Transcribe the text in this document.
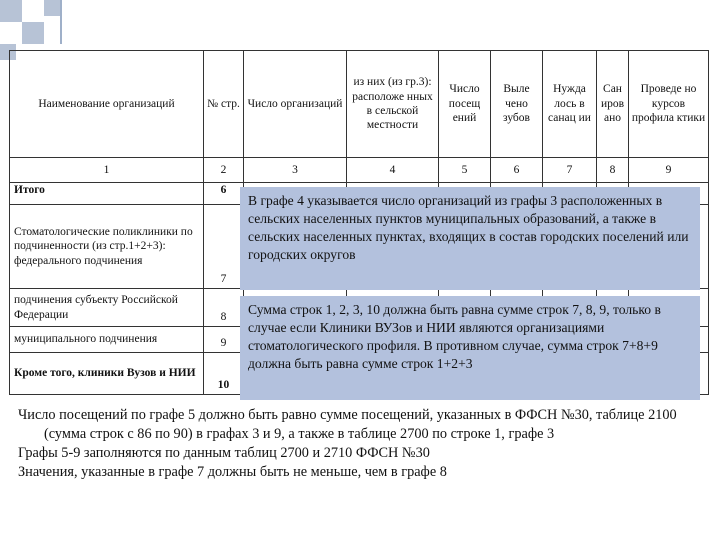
Наименование организаций	№ стр.	Число организаций	из них (из гр.3): расположе нных в сельской местности	Число посещ ений	Выле чено зубов	Нужда лось в санац ии	Сан иров ано	Проведе но курсов профила ктики
1	2	3	4	5	6	7	8	9
Итого	6							
Стоматологические поликлиники по подчиненности (из стр.1+2+3): федерального подчинения	7							
подчинения субъекту Российской Федерации	8							
муниципального подчинения	9							
Кроме того, клиники Вузов и НИИ	10							
В графе 4 указывается число организаций из графы 3 расположенных в сельских населенных пунктов муниципальных образований, а также в сельских населенных пунктах, входящих в состав городских поселений или городских округов
Сумма строк 1, 2, 3, 10 должна быть равна сумме строк 7, 8, 9, только в случае если Клиники ВУЗов и НИИ являются организациями стоматологического профиля. В противном случае, сумма строк 7+8+9 должна быть равна сумме строк 1+2+3

Число посещений по графе 5 должно быть равно сумме посещений, указанных в ФФСН №30, таблице 2100 (сумма строк с 86 по 90) в графах 3 и 9, а также в таблице 2700 по строке 1, графе 3

Графы 5-9 заполняются по данным таблиц 2700 и 2710 ФФСН №30

Значения, указанные в графе 7 должны быть не меньше, чем в графе 8
